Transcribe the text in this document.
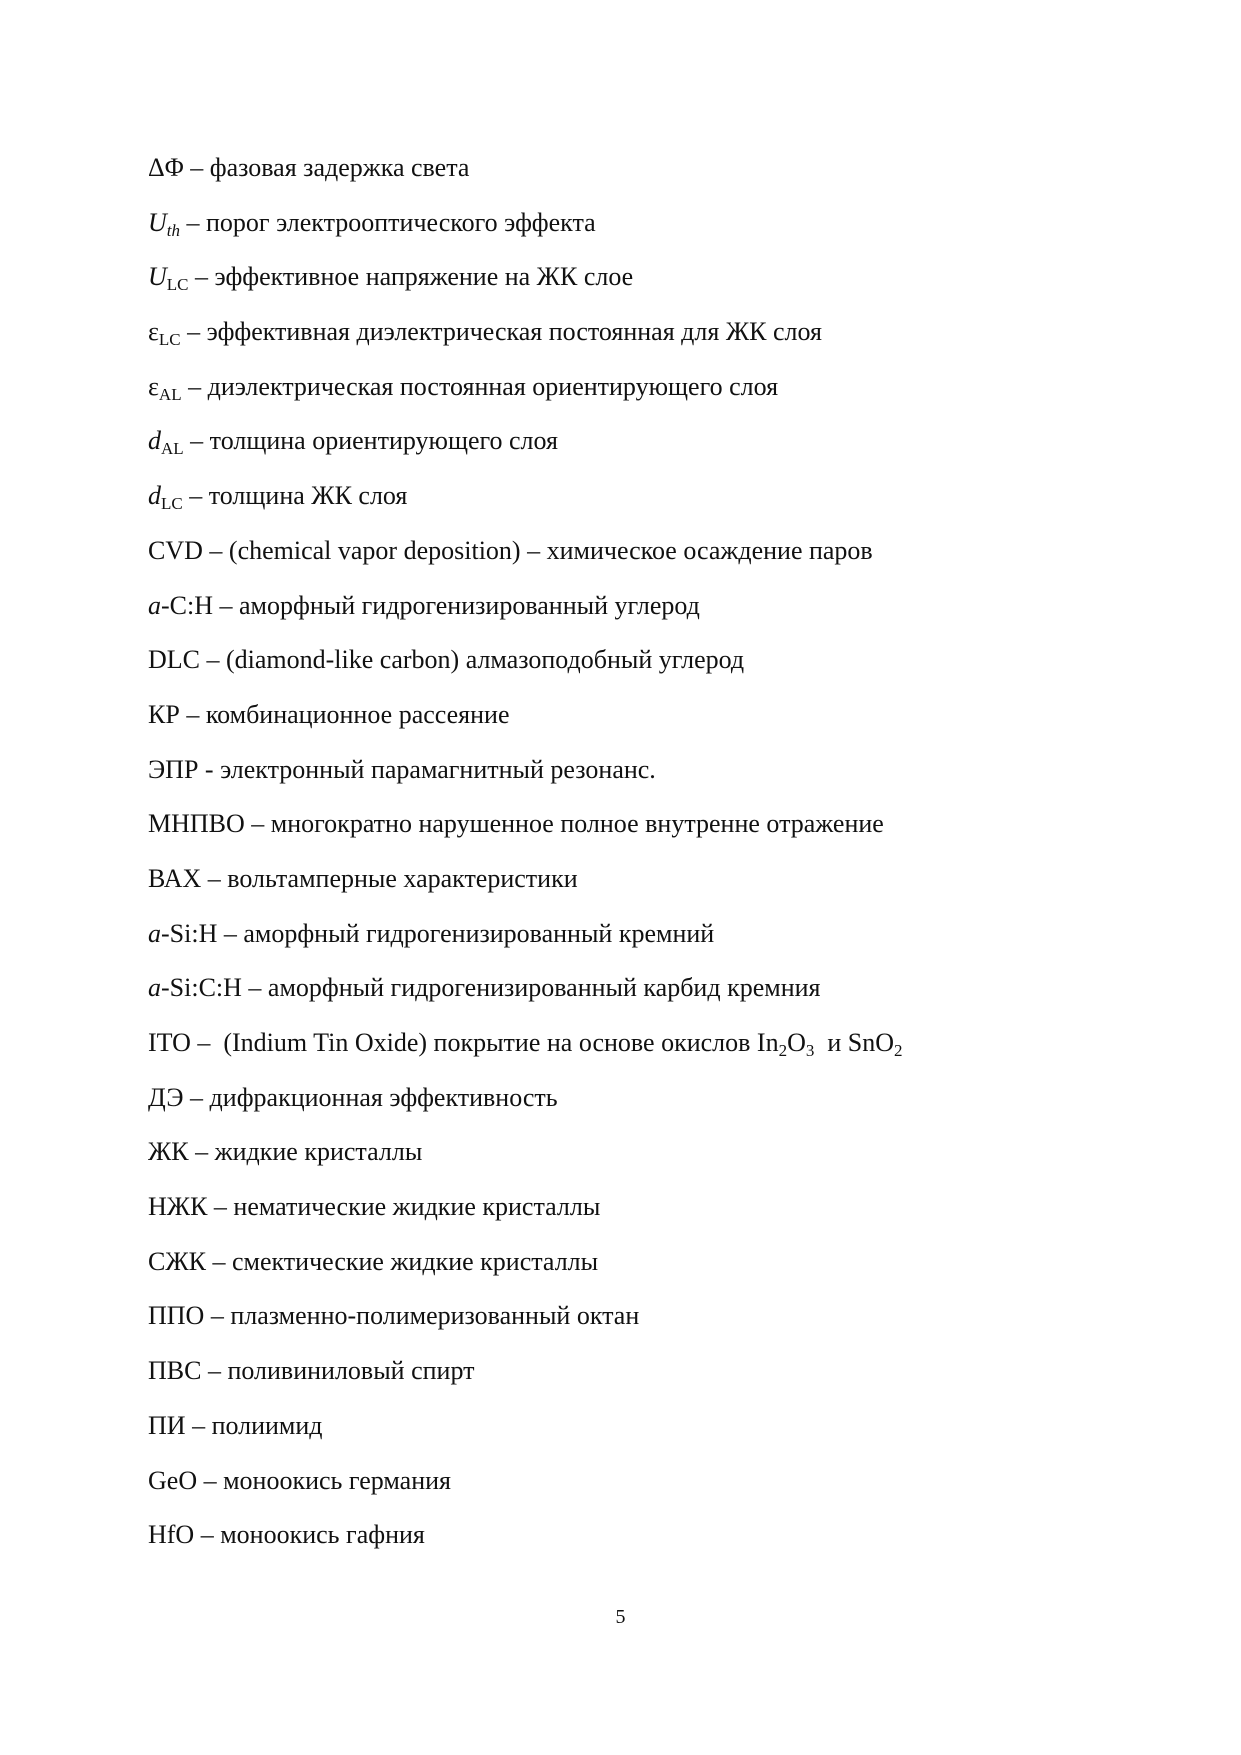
ΔΦ – фазовая задержка света
$U_{th}$ – порог электрооптического эффекта
$U_{LC}$ – эффективное напряжение на ЖК слое
$\varepsilon_{LC}$ – эффективная диэлектрическая постоянная для ЖК слоя
$\varepsilon_{AL}$ – диэлектрическая постоянная ориентирующего слоя
$d_{AL}$ – толщина ориентирующего слоя
$d_{LC}$ – толщина ЖК слоя
CVD – (chemical vapor deposition) – химическое осаждение паров
a-C:H – аморфный гидрогенизированный углерод
DLC – (diamond-like carbon) алмазоподобный углерод
КР – комбинационное рассеяние
ЭПР - электронный парамагнитный резонанс.
МНПВО – многократно нарушенное полное внутренне отражение
ВАХ – вольтамперные характеристики
a-Si:H – аморфный гидрогенизированный кремний
a-Si:C:H – аморфный гидрогенизированный карбид кремния
ITO –  (Indium Tin Oxide) покрытие на основе окислов $In_2O_3$  и SnO$_2$
ДЭ – дифракционная эффективность
ЖК – жидкие кристаллы
НЖК – нематические жидкие кристаллы
СЖК – смектические жидкие кристаллы
ППО – плазменно-полимеризованный октан
ПВС – поливиниловый спирт
ПИ – полиимид
GeO – моноокись германия
HfO – моноокись гафния
5
